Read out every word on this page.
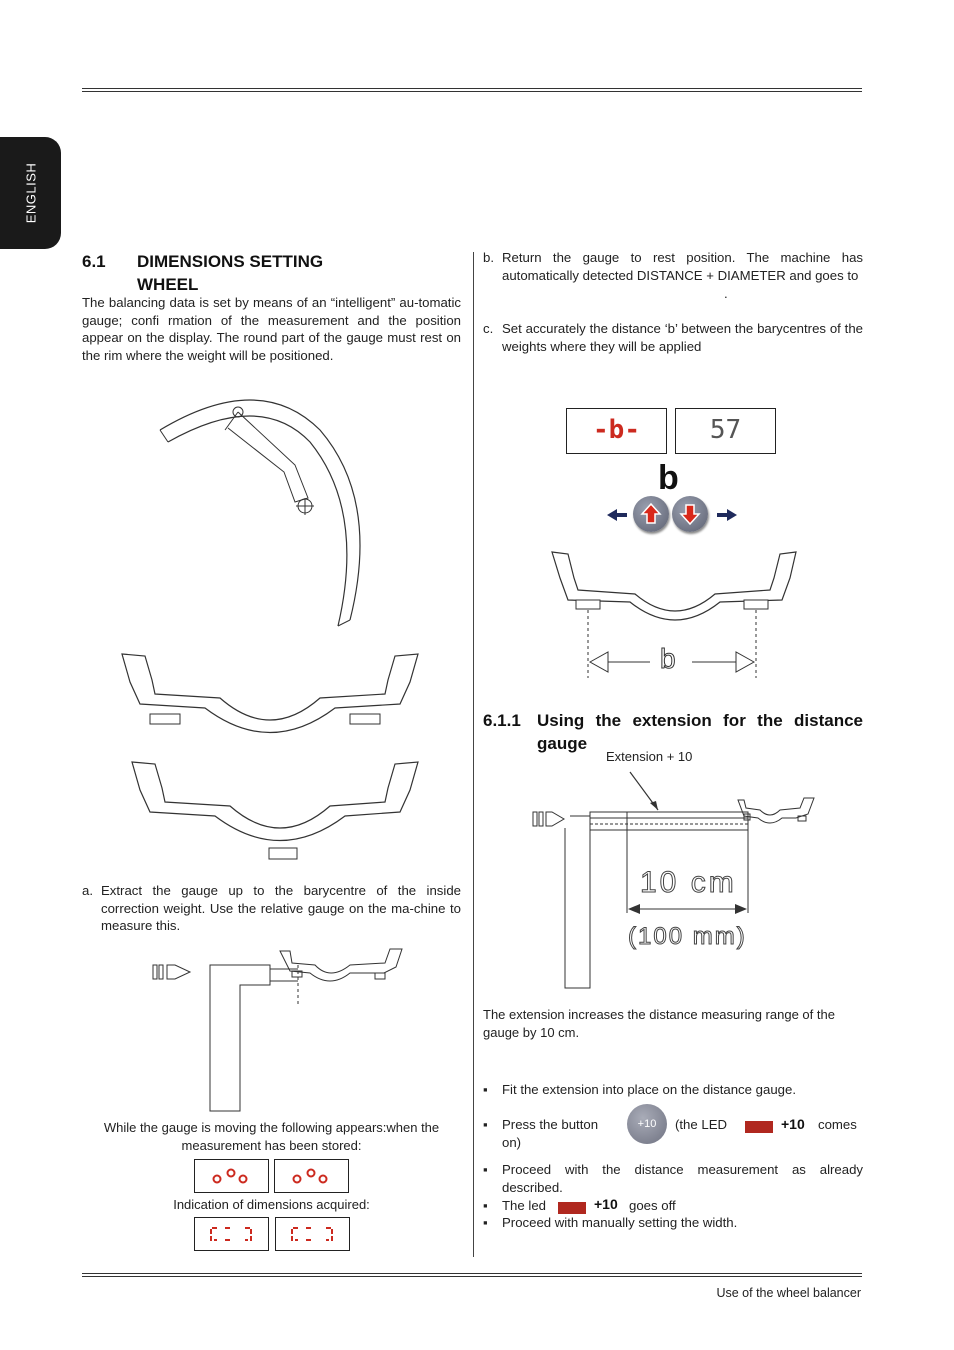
ENGLISH
6.1 DIMENSIONS SETTING
WHEEL
The balancing data is set by means of an “intelligent” au-tomatic gauge; confi rmation of the measurement and the position appear on the display. The round part of the gauge must rest on the rim where the weight will be positioned.
a. Extract the gauge up to the barycentre of the inside correction weight. Use the relative gauge on the ma-chine to measure this.
While the gauge is moving the following appears:when the measurement has been stored:
Indication of dimensions acquired:
b. Return the gauge to rest position. The machine has automatically detected DISTANCE + DIAMETER and goes to
.
c. Set accurately the distance ‘b’ between the barycentres of the weights where they will be applied
-b-	57
b
b
6.1.1 Using the extension for the distance
gauge
Extension + 10
10 cm
(100 mm)
The extension increases the distance measuring range of the gauge by 10 cm.
▪ Fit the extension into place on the distance gauge.
▪ Press the button	+10	(the LED	+10 comes
on)
▪ Proceed with the distance measurement as already described.
▪ The led	+10 goes off
▪ Proceed with manually setting the width.
Use of the wheel balancer
